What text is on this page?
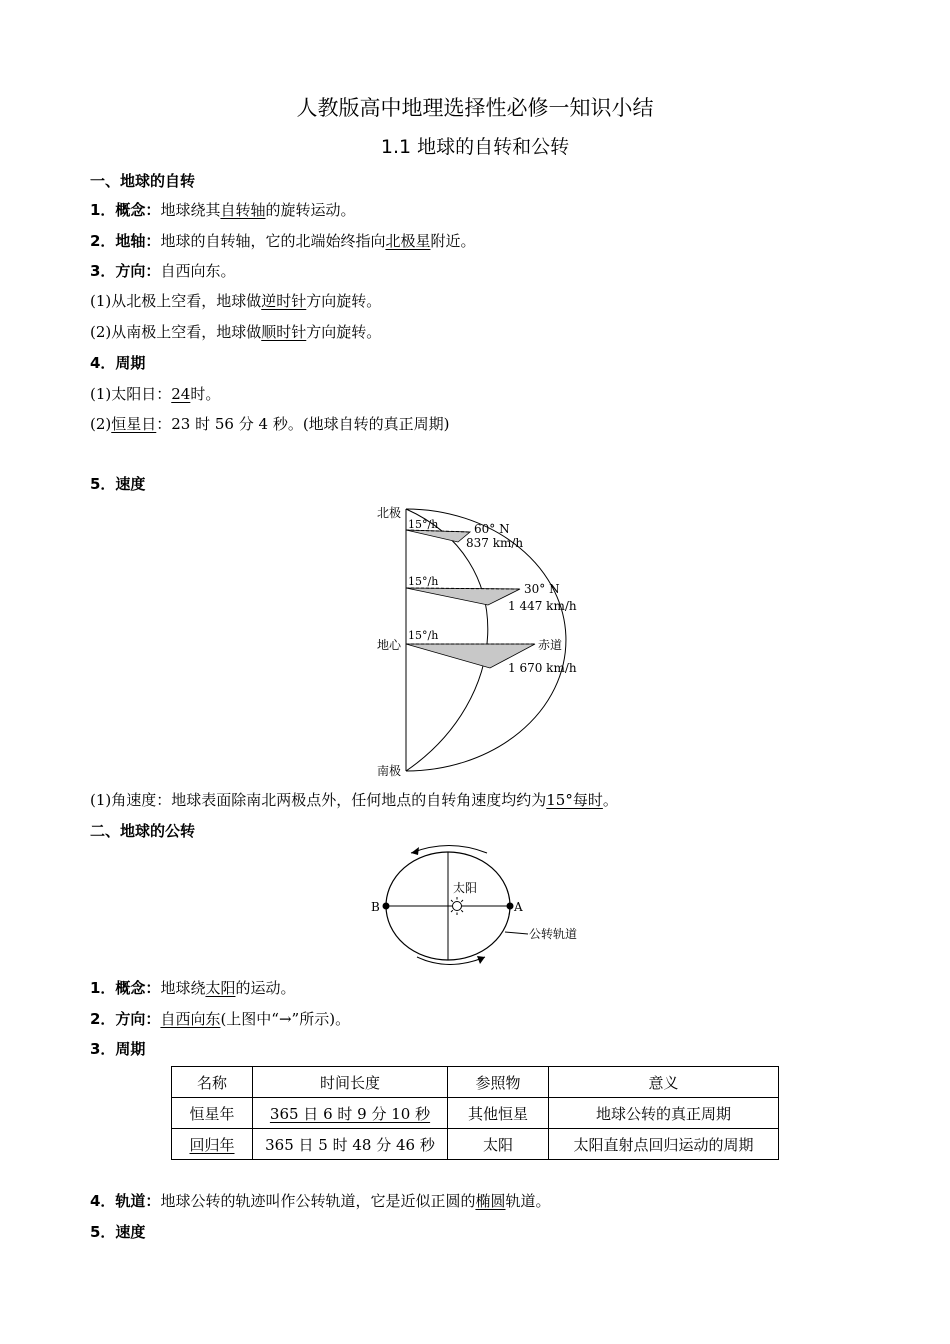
人教版高中地理选择性必修一知识小结
1.1 地球的自转和公转
一、地球的自转
1．概念：地球绕其自转轴的旋转运动。
2．地轴：地球的自转轴，它的北端始终指向北极星附近。
3．方向：自西向东。
(1)从北极上空看，地球做逆时针方向旋转。
(2)从南极上空看，地球做顺时针方向旋转。
4．周期
(1)太阳日：24时。
(2)恒星日：23 时 56 分 4 秒。(地球自转的真正周期)
5．速度
北极
地心
南极
15°/h
15°/h
15°/h
60° N
837 km/h
30° N
1 447 km/h
赤道
1 670 km/h
(1)角速度：地球表面除南北两极点外，任何地点的自转角速度均约为15°每时。
二、地球的公转
太阳
B	A
公转轨道
1．概念：地球绕太阳的运动。
2．方向：自西向东(上图中“→”所示)。
3．周期
名称	时间长度	参照物	意义
恒星年	365 日 6 时 9 分 10 秒	其他恒星	地球公转的真正周期
回归年	365 日 5 时 48 分 46 秒	太阳	太阳直射点回归运动的周期
4．轨道：地球公转的轨迹叫作公转轨道，它是近似正圆的椭圆轨道。
5．速度
